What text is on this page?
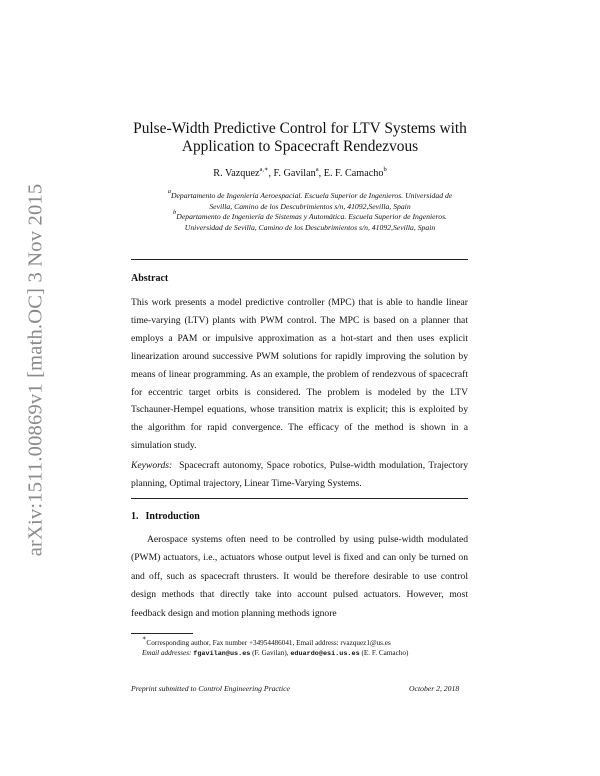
arXiv:1511.00869v1 [math.OC] 3 Nov 2015
Pulse-Width Predictive Control for LTV Systems with
Application to Spacecraft Rendezvous
R. Vazquez$^{a,∗}$, F. Gavilan$^a$, E. F. Camacho$^b$
$^a$Departamento de Ingeniería Aeroespacial. Escuela Superior de Ingenieros. Universidad de
Sevilla, Camino de los Descubrimientos s/n, 41092,Sevilla, Spain
$^b$Departamento de Ingeniería de Sistemas y Automática. Escuela Superior de Ingenieros.
Universidad de Sevilla, Camino de los Descubrimientos s/n, 41092,Sevilla, Spain
Abstract
This work presents a model predictive controller (MPC) that is able to handle linear time-varying (LTV) plants with PWM control. The MPC is based on a planner that employs a PAM or impulsive approximation as a hot-start and then uses explicit linearization around successive PWM solutions for rapidly improving the solution by means of linear programming. As an example, the problem of rendezvous of spacecraft for eccentric target orbits is considered. The problem is modeled by the LTV Tschauner-Hempel equations, whose transition matrix is explicit; this is exploited by the algorithm for rapid convergence. The efficacy of the method is shown in a simulation study.
Keywords: Spacecraft autonomy, Space robotics, Pulse-width modulation, Trajectory planning, Optimal trajectory, Linear Time-Varying Systems.
1. Introduction
Aerospace systems often need to be controlled by using pulse-width modulated (PWM) actuators, i.e., actuators whose output level is fixed and can only be turned on and off, such as spacecraft thrusters. It would be therefore desirable to use control design methods that directly take into account pulsed actuators. However, most feedback design and motion planning methods ignore
∗Corresponding author, Fax number +34954486041, Email address: rvazquez1@us.es
Email addresses: fgavilan@us.es (F. Gavilan), eduardo@esi.us.es (E. F. Camacho)
Preprint submitted to Control Engineering Practice	October 2, 2018
